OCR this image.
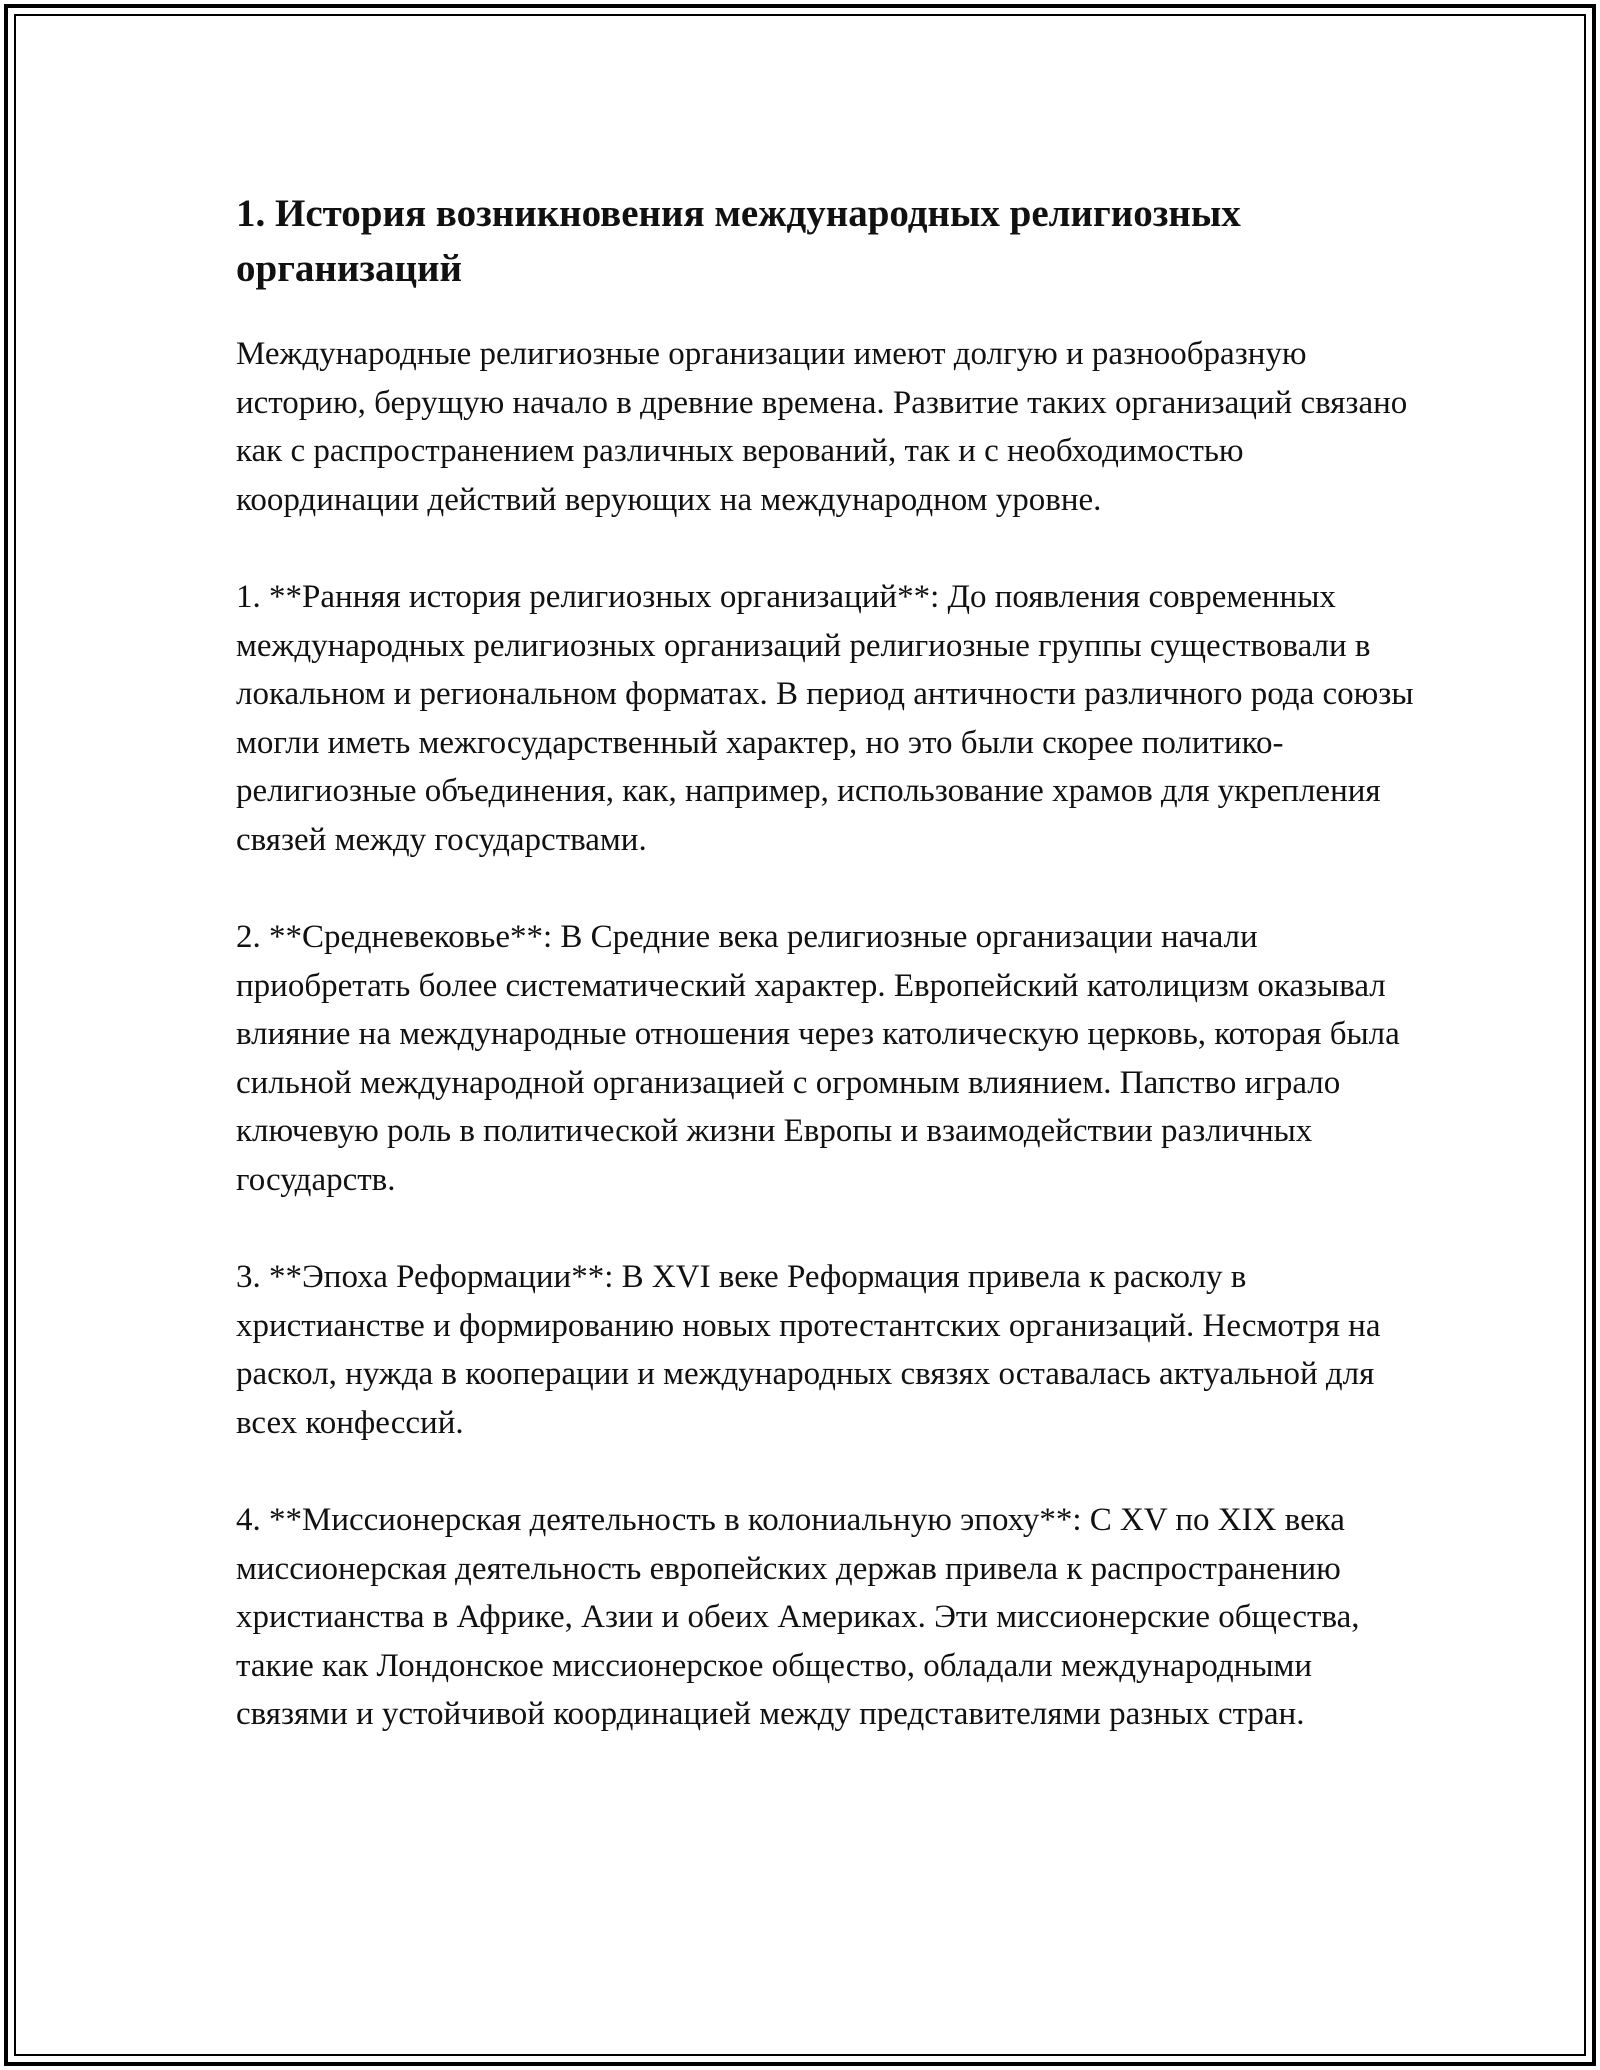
1. История возникновения международных религиозных организаций

Международные религиозные организации имеют долгую и разнообразную историю, берущую начало в древние времена. Развитие таких организаций связано как с распространением различных верований, так и с необходимостью координации действий верующих на международном уровне.

1. **Ранняя история религиозных организаций**: До появления современных международных религиозных организаций религиозные группы существовали в локальном и региональном форматах. В период античности различного рода союзы могли иметь межгосударственный характер, но это были скорее политико-религиозные объединения, как, например, использование храмов для укрепления связей между государствами.

2. **Средневековье**: В Средние века религиозные организации начали приобретать более систематический характер. Европейский католицизм оказывал влияние на международные отношения через католическую церковь, которая была сильной международной организацией с огромным влиянием. Папство играло ключевую роль в политической жизни Европы и взаимодействии различных государств.

3. **Эпоха Реформации**: В XVI веке Реформация привела к расколу в христианстве и формированию новых протестантских организаций. Несмотря на раскол, нужда в кооперации и международных связях оставалась актуальной для всех конфессий.

4. **Миссионерская деятельность в колониальную эпоху**: С XV по XIX века миссионерская деятельность европейских держав привела к распространению христианства в Африке, Азии и обеих Америках. Эти миссионерские общества, такие как Лондонское миссионерское общество, обладали международными связями и устойчивой координацией между представителями разных стран.
